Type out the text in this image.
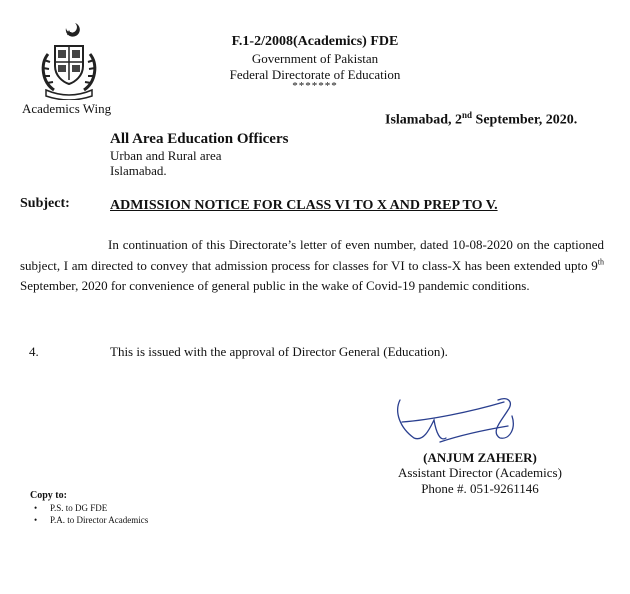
Academics Wing
F.1-2/2008(Academics) FDE
Government of Pakistan
Federal Directorate of Education
*******
Islamabad, 2nd September, 2020.
All Area Education Officers
Urban and Rural area
Islamabad.
Subject:	ADMISSION NOTICE FOR CLASS VI TO X AND PREP TO V.
In continuation of this Directorate’s letter of even number, dated 10-08-2020 on the captioned subject, I am directed to convey that admission process for classes for VI to class-X has been extended upto 9th September, 2020 for convenience of general public in the wake of Covid-19 pandemic conditions.
4.	This is issued with the approval of Director General (Education).
(ANJUM ZAHEER)
Assistant Director (Academics)
Phone #. 051-9261146
Copy to:
• P.S. to DG FDE
• P.A. to Director Academics
